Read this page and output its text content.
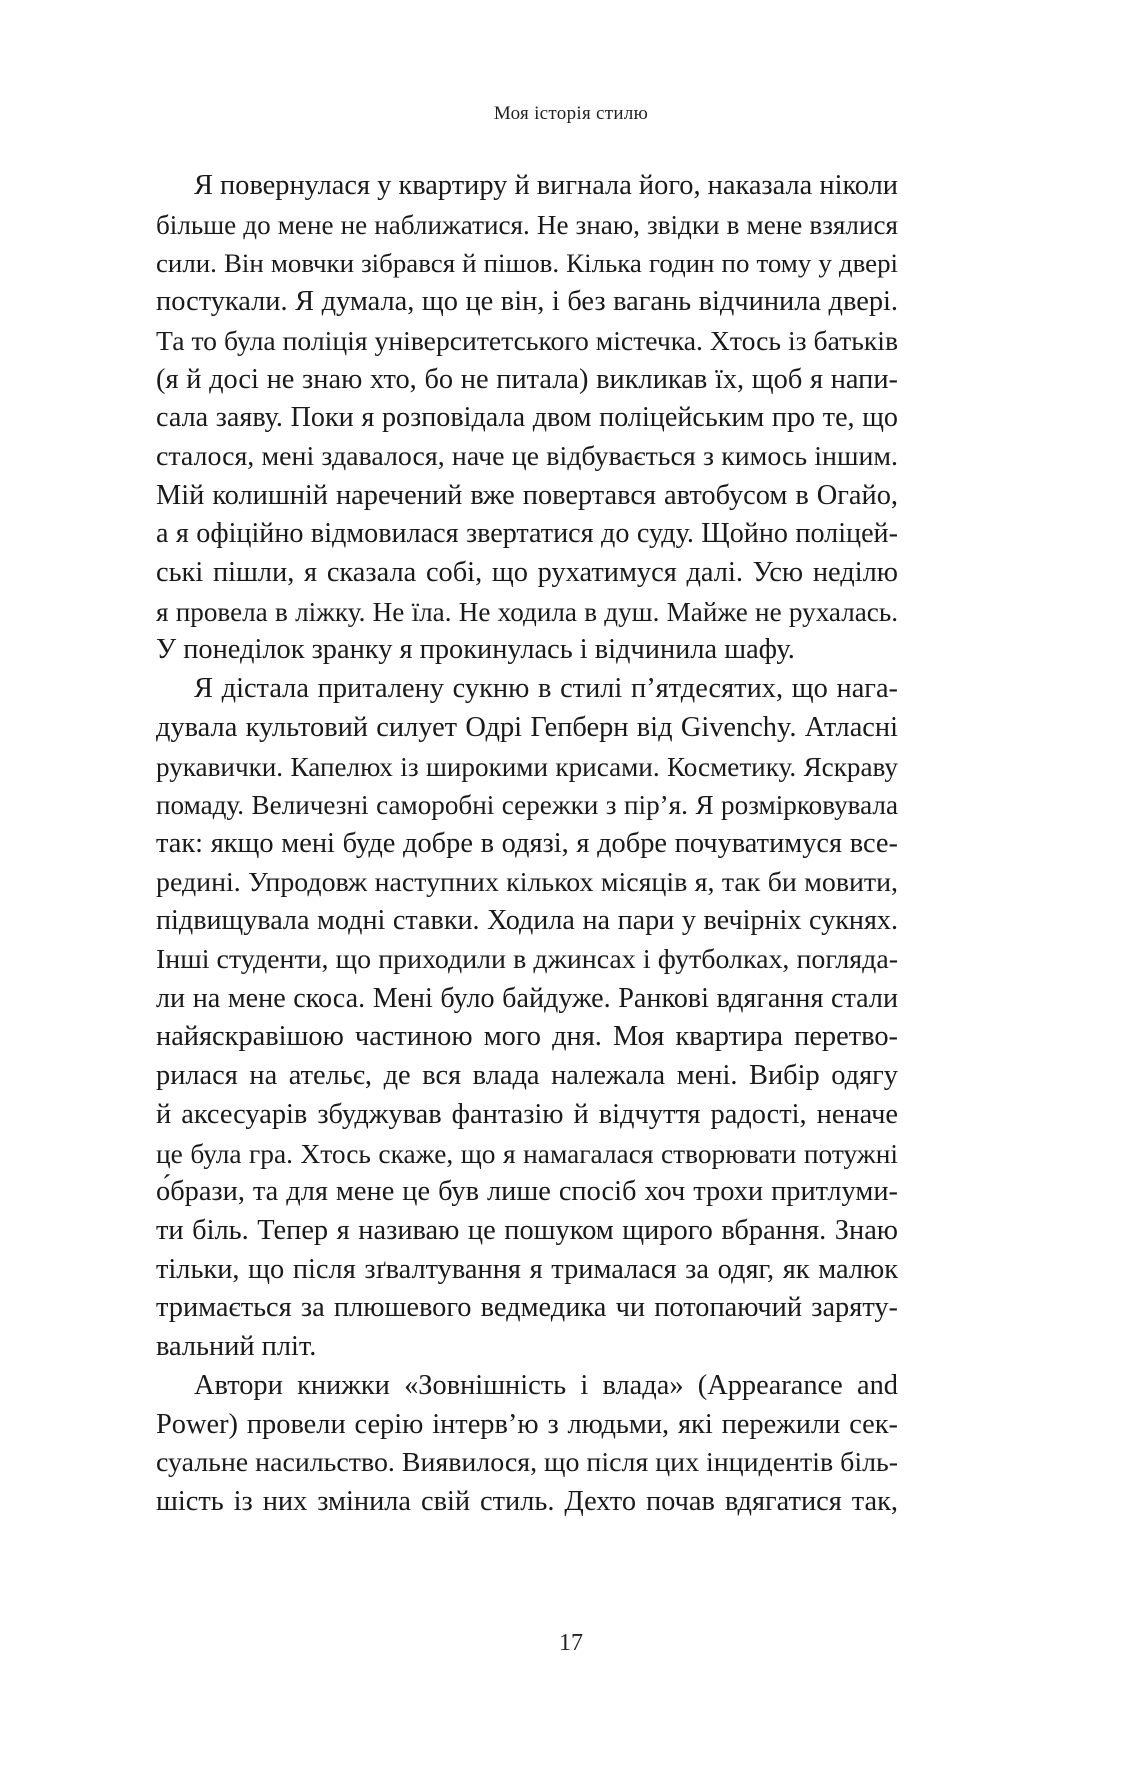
Моя історія стилю
Я повернулася у квартиру й вигнала його, наказала ніколи
більше до мене не наближатися. Не знаю, звідки в мене взялися
сили. Він мовчки зібрався й пішов. Кілька годин по тому у двері
постукали. Я думала, що це він, і без вагань відчинила двері.
Та то була поліція університетського містечка. Хтось із батьків
(я й досі не знаю хто, бо не питала) викликав їх, щоб я напи-
сала заяву. Поки я розповідала двом поліцейським про те, що
сталося, мені здавалося, наче це відбувається з кимось іншим.
Мій колишній наречений вже повертався автобусом в Огайо,
а я офіційно відмовилася звертатися до суду. Щойно поліцей-
ські пішли, я сказала собі, що рухатимуся далі. Усю неділю
я провела в ліжку. Не їла. Не ходила в душ. Майже не рухалась.
У понеділок зранку я прокинулась і відчинила шафу.
Я дістала приталену сукню в стилі п’ятдесятих, що нага-
дувала культовий силует Одрі Гепберн від Givenchy. Атласні
рукавички. Капелюх із широкими крисами. Косметику. Яскраву
помаду. Величезні саморобні сережки з пір’я. Я розмірковувала
так: якщо мені буде добре в одязі, я добре почуватимуся все-
редині. Упродовж наступних кількох місяців я, так би мовити,
підвищувала модні ставки. Ходила на пари у вечірніх сукнях.
Інші студенти, що приходили в джинсах і футболках, погляда-
ли на мене скоса. Мені було байдуже. Ранкові вдягання стали
найяскравішою частиною мого дня. Моя квартира перетво-
рилася на ательє, де вся влада належала мені. Вибір одягу
й аксесуарів збуджував фантазію й відчуття радості, неначе
це була гра. Хтось скаже, що я намагалася створювати потужні
о́брази, та для мене це був лише спосіб хоч трохи притлуми-
ти біль. Тепер я називаю це пошуком щирого вбрання. Знаю
тільки, що після зґвалтування я трималася за одяг, як малюк
тримається за плюшевого ведмедика чи потопаючий заряту-
вальний пліт.
Автори книжки «Зовнішність і влада» (Appearance and
Power) провели серію інтерв’ю з людьми, які пережили сек-
суальне насильство. Виявилося, що після цих інцидентів біль-
шість із них змінила свій стиль. Дехто почав вдягатися так,
17
